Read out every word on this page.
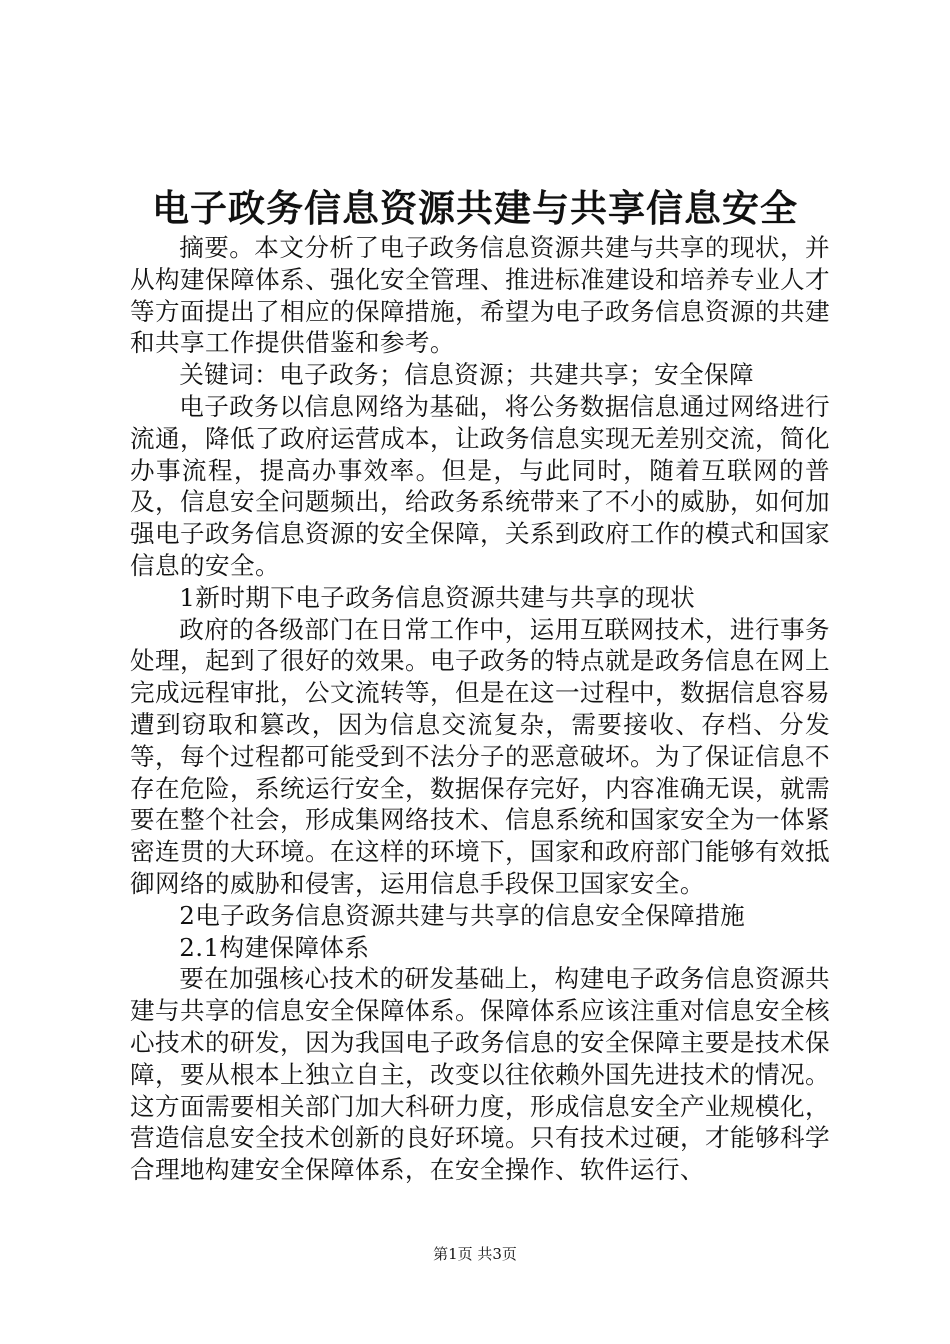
电子政务信息资源共建与共享信息安全

摘要。本文分析了电子政务信息资源共建与共享的现状，并从构建保障体系、强化安全管理、推进标准建设和培养专业人才等方面提出了相应的保障措施，希望为电子政务信息资源的共建和共享工作提供借鉴和参考。

关键词：电子政务；信息资源；共建共享；安全保障

电子政务以信息网络为基础，将公务数据信息通过网络进行流通，降低了政府运营成本，让政务信息实现无差别交流，简化办事流程，提高办事效率。但是，与此同时，随着互联网的普及，信息安全问题频出，给政务系统带来了不小的威胁，如何加强电子政务信息资源的安全保障，关系到政府工作的模式和国家信息的安全。

1新时期下电子政务信息资源共建与共享的现状

政府的各级部门在日常工作中，运用互联网技术，进行事务处理，起到了很好的效果。电子政务的特点就是政务信息在网上完成远程审批，公文流转等，但是在这一过程中，数据信息容易遭到窃取和篡改，因为信息交流复杂，需要接收、存档、分发等，每个过程都可能受到不法分子的恶意破坏。为了保证信息不存在危险，系统运行安全，数据保存完好，内容准确无误，就需要在整个社会，形成集网络技术、信息系统和国家安全为一体紧密连贯的大环境。在这样的环境下，国家和政府部门能够有效抵御网络的威胁和侵害，运用信息手段保卫国家安全。

2电子政务信息资源共建与共享的信息安全保障措施

2.1构建保障体系

要在加强核心技术的研发基础上，构建电子政务信息资源共建与共享的信息安全保障体系。保障体系应该注重对信息安全核心技术的研发，因为我国电子政务信息的安全保障主要是技术保障，要从根本上独立自主，改变以往依赖外国先进技术的情况。这方面需要相关部门加大科研力度，形成信息安全产业规模化，营造信息安全技术创新的良好环境。只有技术过硬，才能够科学合理地构建安全保障体系，在安全操作、软件运行、

第1页 共3页
